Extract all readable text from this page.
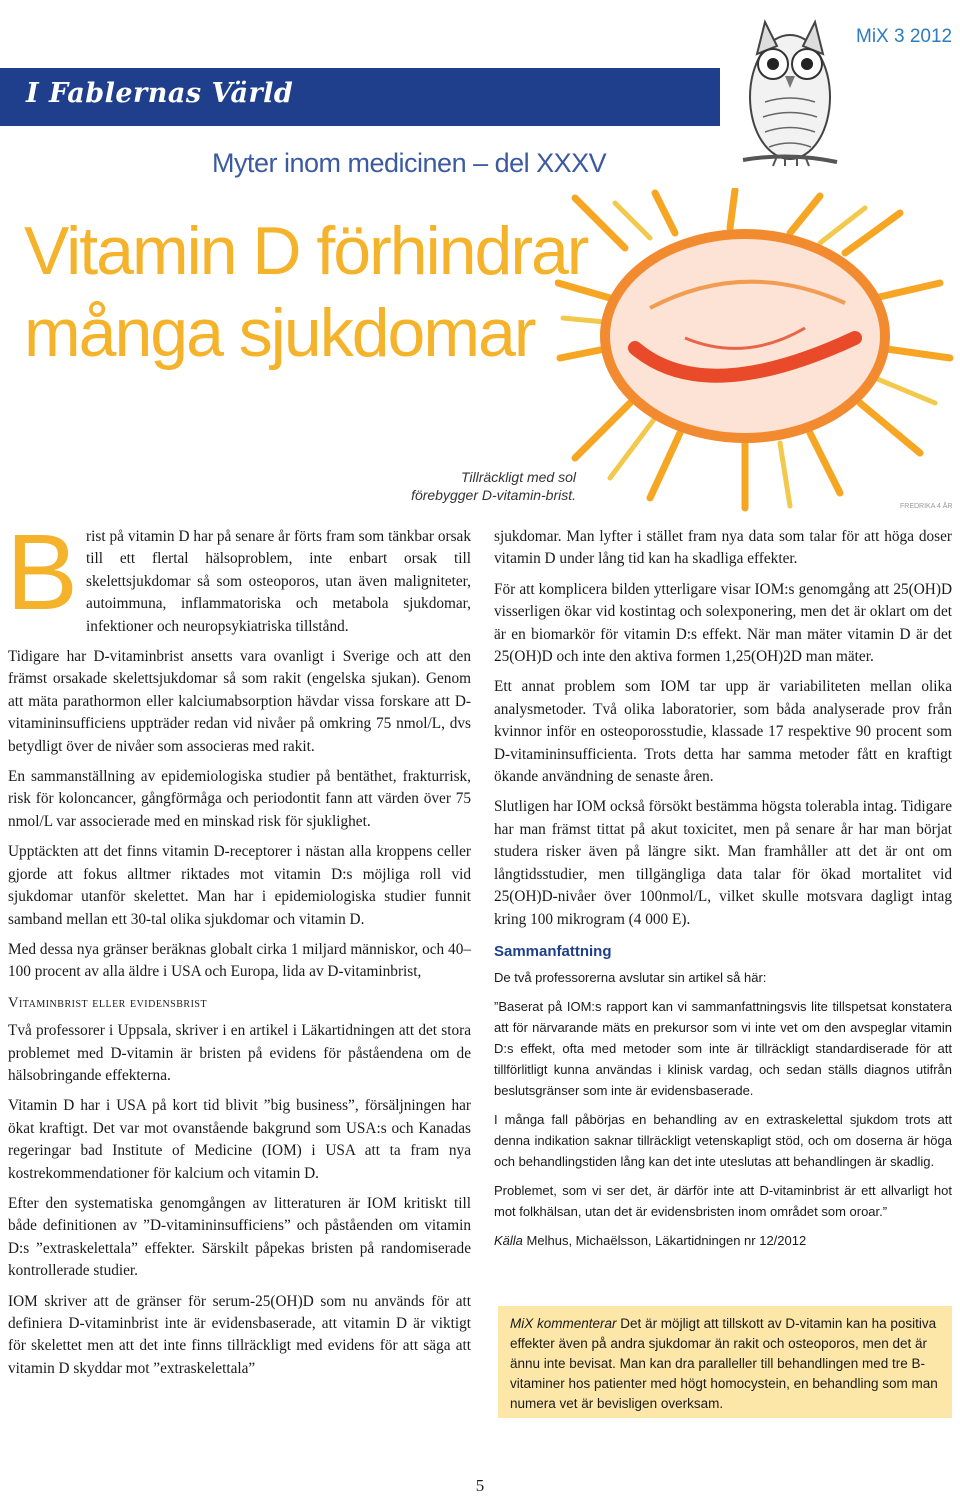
MiX 3 2012
I Fablernas Värld
Myter inom medicinen – del XXXV
Vitamin D förhindrar
många sjukdomar
FREDRIKA 4 ÅR
Tillräckligt med sol
förebygger D-vitamin-brist.

Brist på vitamin D har på senare år förts fram som tänkbar orsak till ett flertal hälsoproblem, inte enbart orsak till skelettsjukdomar så som osteoporos, utan även maligniteter, autoimmuna, inflammatoriska och metabola sjukdomar, infektioner och neuropsykiatriska tillstånd.

Tidigare har D-vitaminbrist ansetts vara ovanligt i Sverige och att den främst orsakade skelettsjukdomar så som rakit (engelska sjukan). Genom att mäta parathormon eller kalciumabsorption hävdar vissa forskare att D-vitamininsufficiens uppträder redan vid nivåer på omkring 75 nmol/L, dvs betydligt över de nivåer som associeras med rakit.

En sammanställning av epidemiologiska studier på bentäthet, frakturrisk, risk för koloncancer, gångförmåga och periodontit fann att värden över 75 nmol/L var associerade med en minskad risk för sjuklighet.

Upptäckten att det finns vitamin D-receptorer i nästan alla kroppens celler gjorde att fokus alltmer riktades mot vitamin D:s möjliga roll vid sjukdomar utanför skelettet. Man har i epidemiologiska studier funnit samband mellan ett 30-tal olika sjukdomar och vitamin D.

Med dessa nya gränser beräknas globalt cirka 1 miljard människor, och 40–100 procent av alla äldre i USA och Europa, lida av D-vitaminbrist,

Vitaminbrist eller evidensbrist

Två professorer i Uppsala, skriver i en artikel i Läkartidningen att det stora problemet med D-vitamin är bristen på evidens för påståendena om de hälsobringande effekterna.

Vitamin D har i USA på kort tid blivit ”big business”, försäljningen har ökat kraftigt. Det var mot ovanstående bakgrund som USA:s och Kanadas regeringar bad Institute of Medicine (IOM) i USA att ta fram nya kostrekommendationer för kalcium och vitamin D.

Efter den systematiska genomgången av litteraturen är IOM kritiskt till både definitionen av ”D-vitamininsufficiens” och påståenden om vitamin D:s ”extraskelettala” effekter. Särskilt påpekas bristen på randomiserade kontrollerade studier.

IOM skriver att de gränser för serum-25(OH)D som nu används för att definiera D-vitaminbrist inte är evidensbaserade, att vitamin D är viktigt för skelettet men att det inte finns tillräckligt med evidens för att säga att vitamin D skyddar mot ”extraskelettala”

sjukdomar. Man lyfter i stället fram nya data som talar för att höga doser vitamin D under lång tid kan ha skadliga effekter.

För att komplicera bilden ytterligare visar IOM:s genomgång att 25(OH)D visserligen ökar vid kostintag och solexponering, men det är oklart om det är en biomarkör för vitamin D:s effekt. När man mäter vitamin D är det 25(OH)D och inte den aktiva formen 1,25(OH)2D man mäter.

Ett annat problem som IOM tar upp är variabiliteten mellan olika analysmetoder. Två olika laboratorier, som båda analyserade prov från kvinnor inför en osteoporosstudie, klassade 17 respektive 90 procent som D-vitamininsufficienta. Trots detta har samma metoder fått en kraftigt ökande användning de senaste åren.

Slutligen har IOM också försökt bestämma högsta tolerabla intag. Tidigare har man främst tittat på akut toxicitet, men på senare år har man börjat studera risker även på längre sikt. Man framhåller att det är ont om långtidsstudier, men tillgängliga data talar för ökad mortalitet vid 25(OH)D-nivåer över 100nmol/L, vilket skulle motsvara dagligt intag kring 100 mikrogram (4 000 E).

Sammanfattning

De två professorerna avslutar sin artikel så här:

”Baserat på IOM:s rapport kan vi sammanfattningsvis lite tillspetsat konstatera att för närvarande mäts en prekursor som vi inte vet om den avspeglar vitamin D:s effekt, ofta med metoder som inte är tillräckligt standardiserade för att tillförlitligt kunna användas i klinisk vardag, och sedan ställs diagnos utifrån beslutsgränser som inte är evidensbaserade.

I många fall påbörjas en behandling av en extraskelettal sjukdom trots att denna indikation saknar tillräckligt vetenskapligt stöd, och om doserna är höga och behandlingstiden lång kan det inte uteslutas att behandlingen är skadlig.

Problemet, som vi ser det, är därför inte att D-vitaminbrist är ett allvarligt hot mot folkhälsan, utan det är evidensbristen inom området som oroar.”

Källa Melhus, Michaëlsson, Läkartidningen nr 12/2012

MiX kommenterar Det är möjligt att tillskott av D-vitamin kan ha positiva effekter även på andra sjukdomar än rakit och osteoporos, men det är ännu inte bevisat. Man kan dra paralleller till behandlingen med tre B-vitaminer hos patienter med högt homocystein, en behandling som man numera vet är bevisligen overksam.
5
